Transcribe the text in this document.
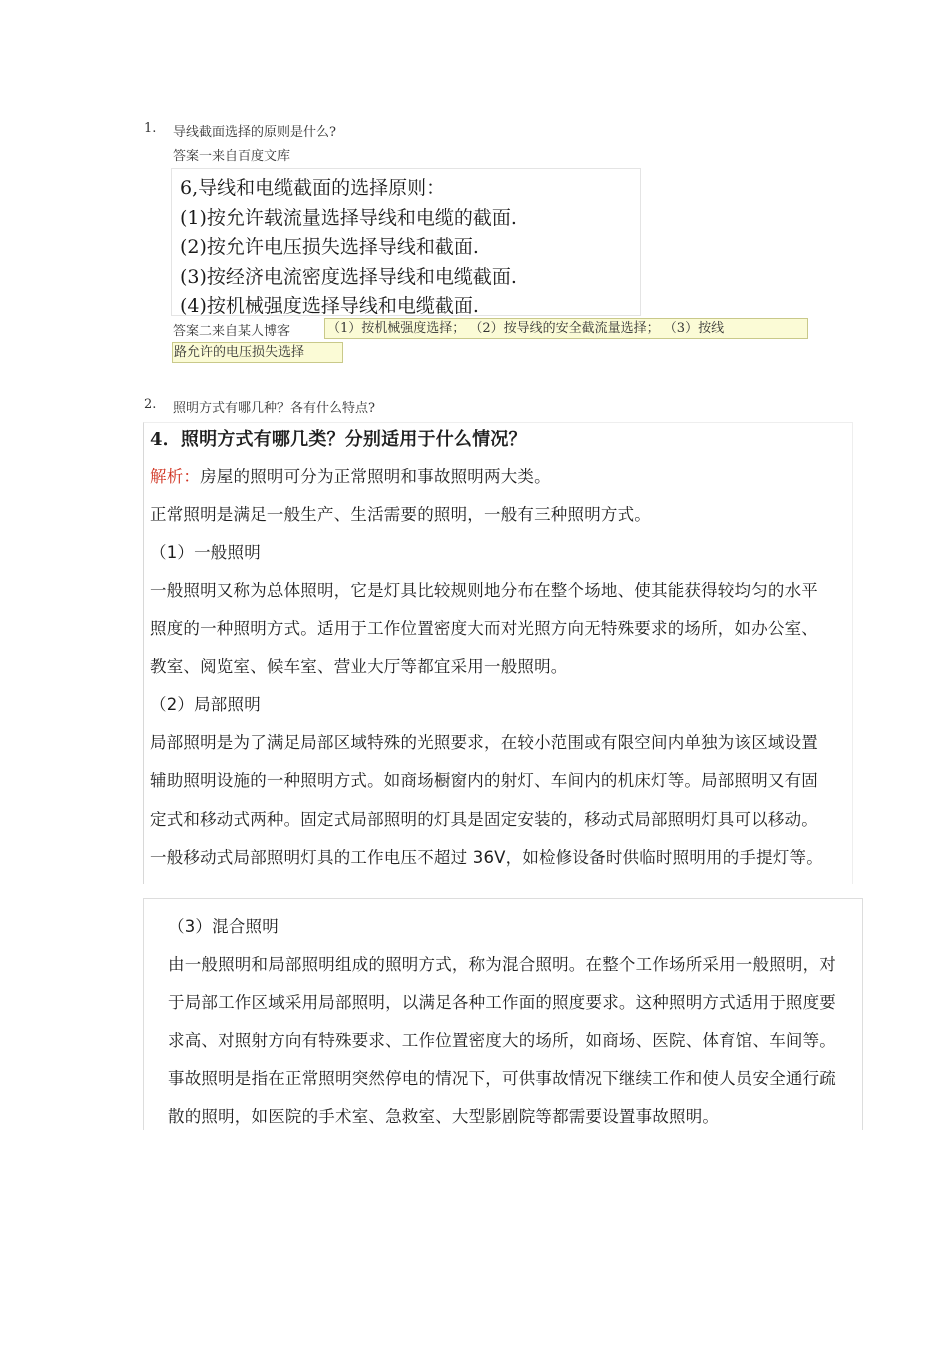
1. 导线截面选择的原则是什么?
答案一来自百度文库
6,导线和电缆截面的选择原则：
(1)按允许载流量选择导线和电缆的截面.
(2)按允许电压损失选择导线和截面.
(3)按经济电流密度选择导线和电缆截面.
(4)按机械强度选择导线和电缆截面.
答案二来自某人博客	（1）按机械强度选择； （2）按导线的安全截流量选择； （3）按线
路允许的电压损失选择
2. 照明方式有哪几种？各有什么特点?
4．照明方式有哪几类？分别适用于什么情况？
解析：房屋的照明可分为正常照明和事故照明两大类。
正常照明是满足一般生产、生活需要的照明，一般有三种照明方式。
（1）一般照明
一般照明又称为总体照明，它是灯具比较规则地分布在整个场地、使其能获得较均匀的水平
照度的一种照明方式。适用于工作位置密度大而对光照方向无特殊要求的场所，如办公室、
教室、阅览室、候车室、营业大厅等都宜采用一般照明。
（2）局部照明
局部照明是为了满足局部区域特殊的光照要求，在较小范围或有限空间内单独为该区域设置
辅助照明设施的一种照明方式。如商场橱窗内的射灯、车间内的机床灯等。局部照明又有固
定式和移动式两种。固定式局部照明的灯具是固定安装的，移动式局部照明灯具可以移动。
一般移动式局部照明灯具的工作电压不超过 36V，如检修设备时供临时照明用的手提灯等。
（3）混合照明
由一般照明和局部照明组成的照明方式，称为混合照明。在整个工作场所采用一般照明，对
于局部工作区域采用局部照明，以满足各种工作面的照度要求。这种照明方式适用于照度要
求高、对照射方向有特殊要求、工作位置密度大的场所，如商场、医院、体育馆、车间等。
事故照明是指在正常照明突然停电的情况下，可供事故情况下继续工作和使人员安全通行疏
散的照明，如医院的手术室、急救室、大型影剧院等都需要设置事故照明。
